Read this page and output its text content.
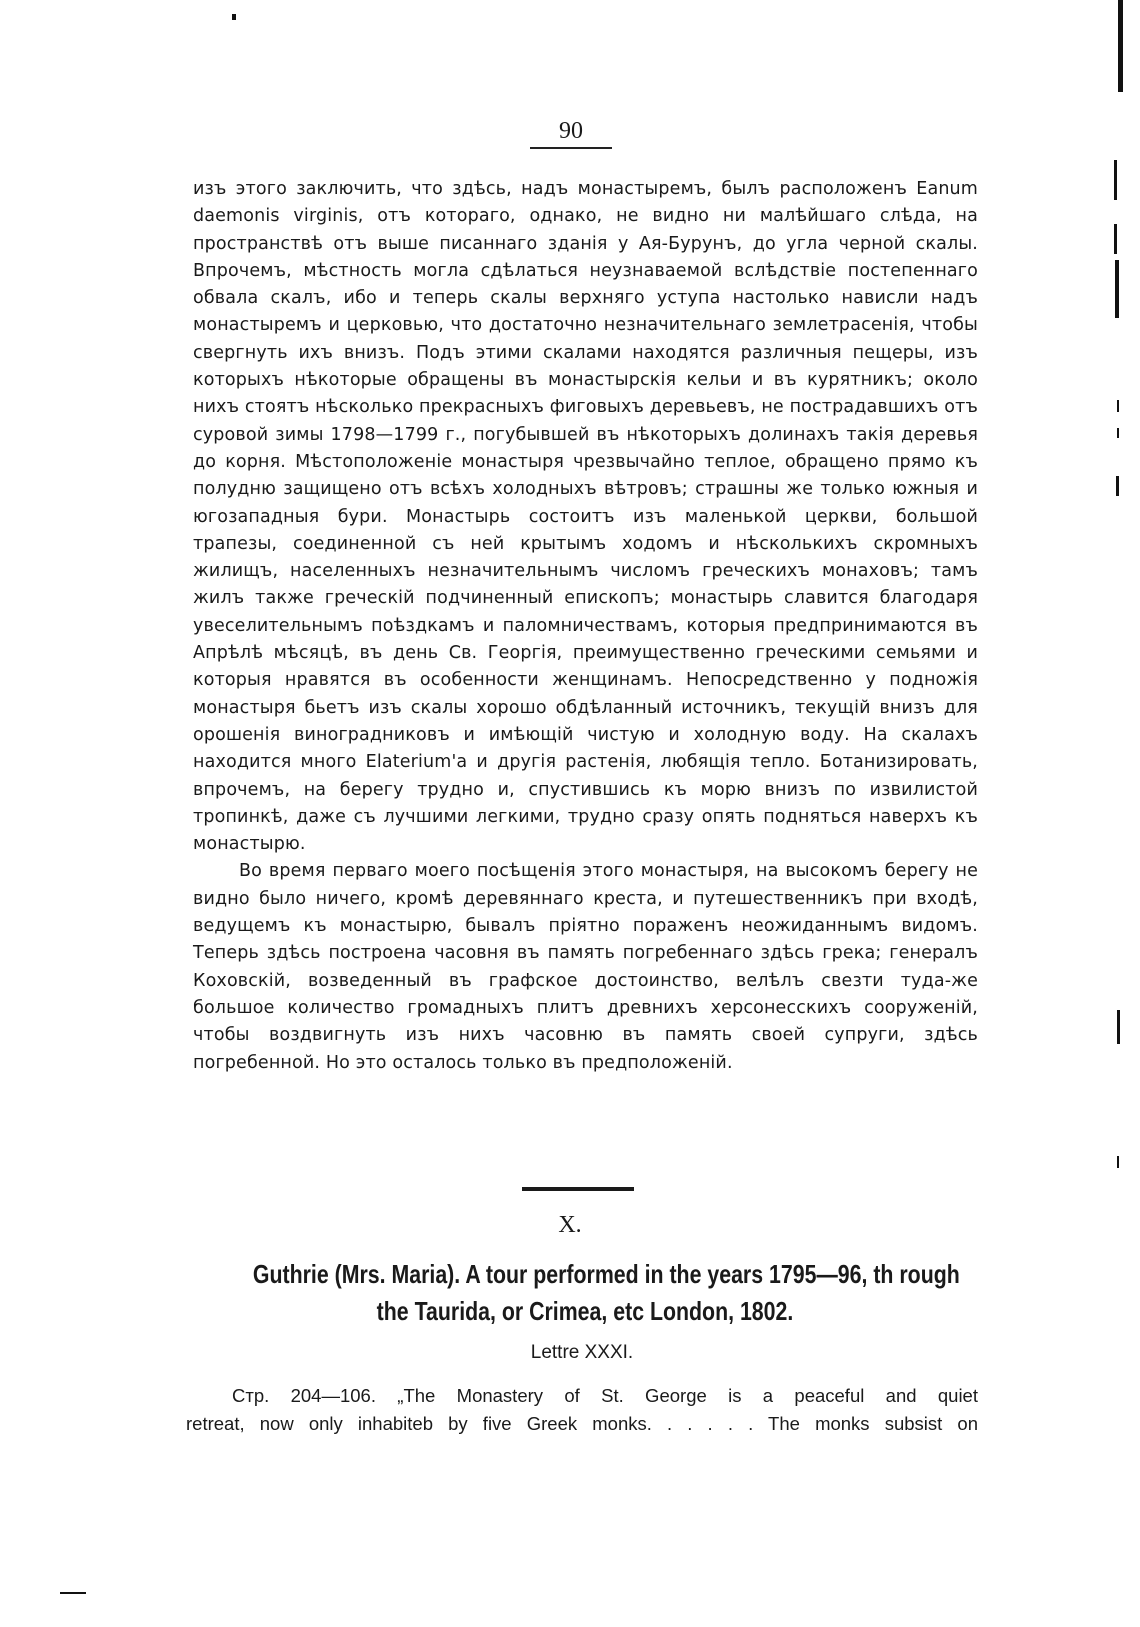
90

изъ этого заключить, что здѣсь, надъ монастыремъ, былъ расположенъ Eanum daemonis virginis, отъ котораго, однако, не видно ни малѣйшаго слѣда, на пространствѣ отъ выше писаннаго зданія у Ая-Бурунъ, до угла черной скалы. Впрочемъ, мѣстность могла сдѣлаться неузнаваемой вслѣдствіе постепеннаго обвала скалъ, ибо и теперь скалы верхняго уступа настолько нависли надъ монастыремъ и церковью, что достаточно незначительнаго землетрасенія, чтобы свергнуть ихъ внизъ. Подъ этими скалами находятся различныя пещеры, изъ которыхъ нѣкоторые обращены въ монастырскія кельи и въ курятникъ; около нихъ стоятъ нѣсколько прекрасныхъ фиговыхъ деревьевъ, не пострадавшихъ отъ суровой зимы 1798—1799 г., погубывшей въ нѣкоторыхъ долинахъ такія деревья до корня. Мѣстоположеніе монастыря чрезвычайно теплое, обращено прямо къ полудню защищено отъ всѣхъ холодныхъ вѣтровъ; страшны же только южныя и югозападныя бури. Монастырь состоитъ изъ маленькой церкви, большой трапезы, соединенной съ ней крытымъ ходомъ и нѣсколькихъ скромныхъ жилищъ, населенныхъ незначительнымъ числомъ греческихъ монаховъ; тамъ жилъ также греческій подчиненный епископъ; монастырь славится благодаря увеселительнымъ поѣздкамъ и паломничествамъ, которыя предпринимаются въ Апрѣлѣ мѣсяцѣ, въ день Св. Георгія, преимущественно греческими семьями и которыя нравятся въ особенности женщинамъ. Непосредственно у подножія монастыря бьетъ изъ скалы хорошо обдѣланный источникъ, текущій внизъ для орошенія виноградниковъ и имѣющій чистую и холодную воду. На скалахъ находится много Elaterium'a и другія растенія, любящія тепло. Ботанизировать, впрочемъ, на берегу трудно и, спустившись къ морю внизъ по извилистой тропинкѣ, даже съ лучшими легкими, трудно сразу опять подняться наверхъ къ монастырю.

Во время перваго моего посѣщенія этого монастыря, на высокомъ берегу не видно было ничего, кромѣ деревяннаго креста, и путешественникъ при входѣ, ведущемъ къ монастырю, бывалъ пріятно пораженъ неожиданнымъ видомъ. Теперь здѣсь построена часовня въ память погребеннаго здѣсь грека; генералъ Коховскій, возведенный въ графское достоинство, велѣлъ свезти туда-же большое количество громадныхъ плитъ древнихъ херсонесскихъ сооруженій, чтобы воздвигнуть изъ нихъ часовню въ память своей супруги, здѣсь погребенной. Но это осталось только въ предположеній.

X.
Guthrie (Mrs. Maria). A tour performed in the years 1795—96, th rough
the Taurida, or Crimea, etc London, 1802.
Lettre XXXI.
Стр. 204—106. „The Monastery of St. George is a peaceful and quiet
retreat, now only inhabiteb by five Greek monks. . . . . . The monks subsist on
